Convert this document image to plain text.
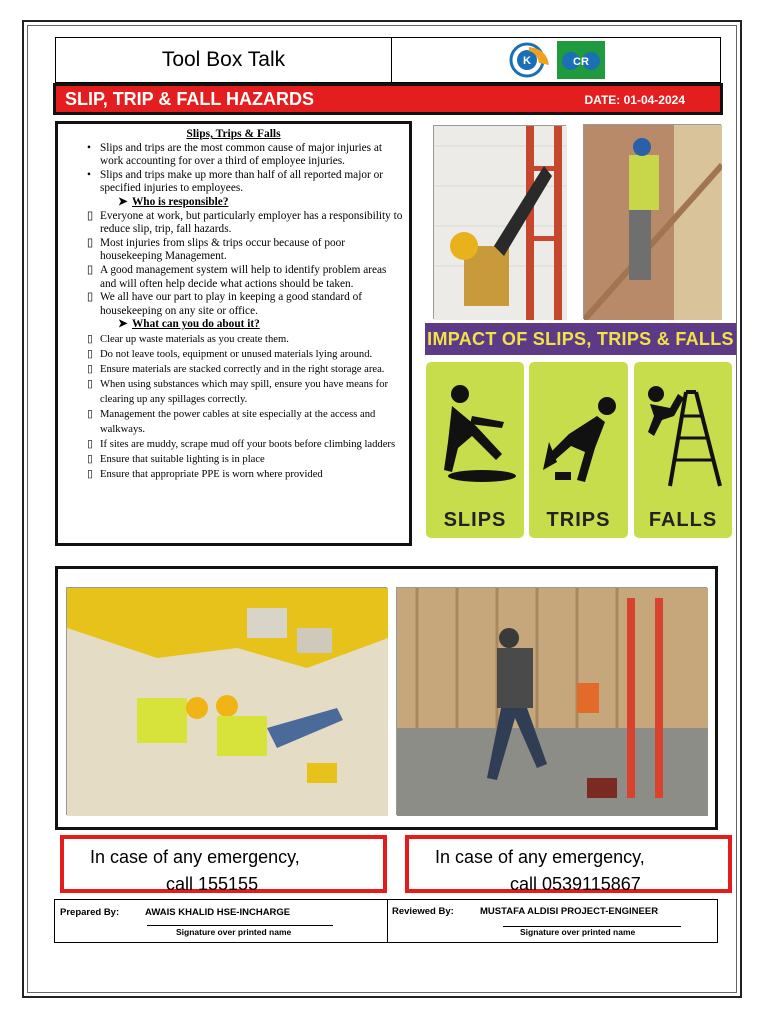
Tool Box Talk	K	CR
SLIP, TRIP & FALL HAZARDS	DATE: 01-04-2024
Slips, Trips & Falls
• Slips and trips are the most common cause of major injuries at work accounting for over a third of employee injuries.
• Slips and trips make up more than half of all reported major or specified injuries to employees.
➤ Who is responsible?
▯ Everyone at work, but particularly employer has a responsibility to reduce slip, trip, fall hazards.
▯ Most injuries from slips & trips occur because of poor housekeeping Management.
▯ A good management system will help to identify problem areas and will often help decide what actions should be taken.
▯ We all have our part to play in keeping a good standard of housekeeping on any site or office.
➤ What can you do about it?
▯ Clear up waste materials as you create them.
▯ Do not leave tools, equipment or unused materials lying around.
▯ Ensure materials are stacked correctly and in the right storage area.
▯ When using substances which may spill, ensure you have means for clearing up any spillages correctly.
▯ Management the power cables at site especially at the access and walkways.
▯ If sites are muddy, scrape mud off your boots before climbing ladders
▯ Ensure that suitable lighting is in place
▯ Ensure that appropriate PPE is worn where provided
IMPACT OF SLIPS, TRIPS & FALLS
SLIPS	TRIPS	FALLS
In case of any emergency,
call 155155
In case of any emergency,
call 0539115867
Prepared By:	AWAIS KHALID HSE-INCHARGE
Signature over printed name
Reviewed By:	MUSTAFA ALDISI PROJECT-ENGINEER
Signature over printed name
